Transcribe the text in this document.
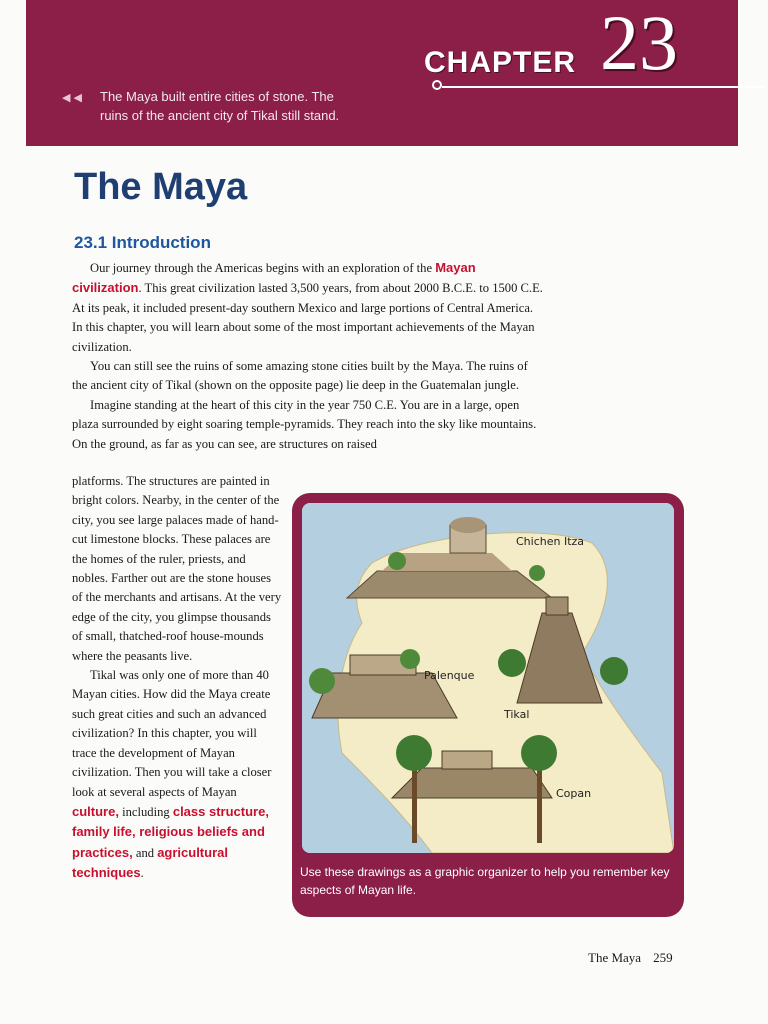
◀ ◀ The Maya built entire cities of stone. The
ruins of the ancient city of Tikal still stand.
CHAPTER 23
The Maya
23.1 Introduction

Our journey through the Americas begins with an exploration of the Mayan civilization. This great civilization lasted 3,500 years, from about 2000 B.C.E. to 1500 C.E. At its peak, it included present-day southern Mexico and large portions of Central America. In this chapter, you will learn about some of the most important achievements of the Mayan civilization.

You can still see the ruins of some amazing stone cities built by the Maya. The ruins of the ancient city of Tikal (shown on the opposite page) lie deep in the Guatemalan jungle.

Imagine standing at the heart of this city in the year 750 C.E. You are in a large, open plaza surrounded by eight soaring temple-pyramids. They reach into the sky like mountains. On the ground, as far as you can see, are structures on raised

platforms. The structures are painted in bright colors. Nearby, in the center of the city, you see large palaces made of hand-cut limestone blocks. These palaces are the homes of the ruler, priests, and nobles. Farther out are the stone houses of the merchants and artisans. At the very edge of the city, you glimpse thousands of small, thatched-roof house-mounds where the peasants live.

Tikal was only one of more than 40 Mayan cities. How did the Maya create such great cities and such an advanced civilization? In this chapter, you will trace the development of Mayan civilization. Then you will take a closer look at several aspects of Mayan culture, including class structure, family life, religious beliefs and practices, and agricultural techniques.

Chichen Itza
Tikal
Palenque
Copan
Use these drawings as a graphic organizer to help you remember key aspects of Mayan life.
The Maya 259
